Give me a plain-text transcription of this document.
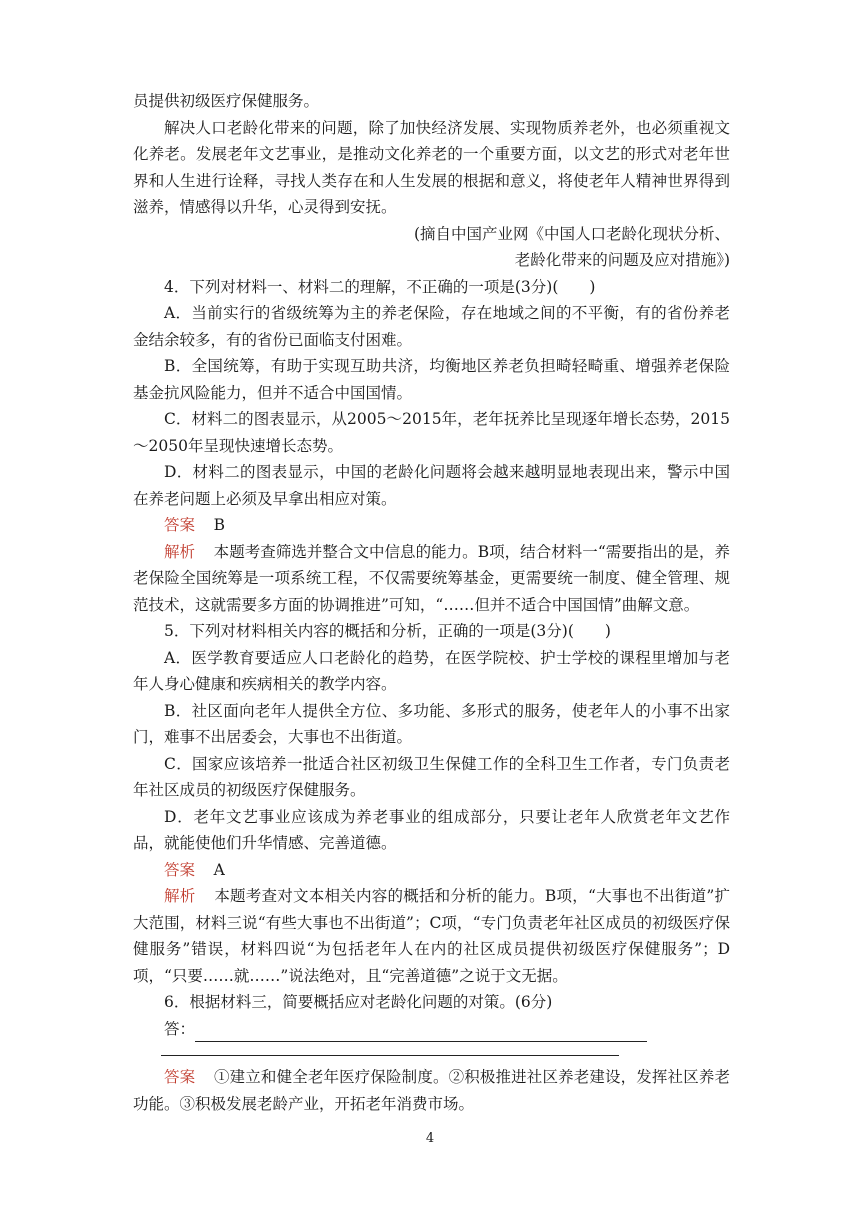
员提供初级医疗保健服务。

解决人口老龄化带来的问题，除了加快经济发展、实现物质养老外，也必须重视文化养老。发展老年文艺事业，是推动文化养老的一个重要方面，以文艺的形式对老年世界和人生进行诠释，寻找人类存在和人生发展的根据和意义，将使老年人精神世界得到滋养，情感得以升华，心灵得到安抚。

(摘自中国产业网《中国人口老龄化现状分析、

老龄化带来的问题及应对措施》)

4．下列对材料一、材料二的理解，不正确的一项是(3分)(　　)

A．当前实行的省级统筹为主的养老保险，存在地域之间的不平衡，有的省份养老金结余较多，有的省份已面临支付困难。

B．全国统筹，有助于实现互助共济，均衡地区养老负担畸轻畸重、增强养老保险基金抗风险能力，但并不适合中国国情。

C．材料二的图表显示，从2005～2015年，老年抚养比呈现逐年增长态势，2015～2050年呈现快速增长态势。

D．材料二的图表显示，中国的老龄化问题将会越来越明显地表现出来，警示中国在养老问题上必须及早拿出相应对策。

答案 B

解析 本题考查筛选并整合文中信息的能力。B项，结合材料一“需要指出的是，养老保险全国统筹是一项系统工程，不仅需要统筹基金，更需要统一制度、健全管理、规范技术，这就需要多方面的协调推进”可知，“……但并不适合中国国情”曲解文意。

5．下列对材料相关内容的概括和分析，正确的一项是(3分)(　　)

A．医学教育要适应人口老龄化的趋势，在医学院校、护士学校的课程里增加与老年人身心健康和疾病相关的教学内容。

B．社区面向老年人提供全方位、多功能、多形式的服务，使老年人的小事不出家门，难事不出居委会，大事也不出街道。

C．国家应该培养一批适合社区初级卫生保健工作的全科卫生工作者，专门负责老年社区成员的初级医疗保健服务。

D．老年文艺事业应该成为养老事业的组成部分，只要让老年人欣赏老年文艺作品，就能使他们升华情感、完善道德。

答案 A

解析 本题考查对文本相关内容的概括和分析的能力。B项，“大事也不出街道”扩大范围，材料三说“有些大事也不出街道”；C项，“专门负责老年社区成员的初级医疗保健服务”错误，材料四说“为包括老年人在内的社区成员提供初级医疗保健服务”；D项，“只要……就……”说法绝对，且“完善道德”之说于文无据。

6．根据材料三，简要概括应对老龄化问题的对策。(6分)

答：

答案 ①建立和健全老年医疗保险制度。②积极推进社区养老建设，发挥社区养老功能。③积极发展老龄产业，开拓老年消费市场。

4
